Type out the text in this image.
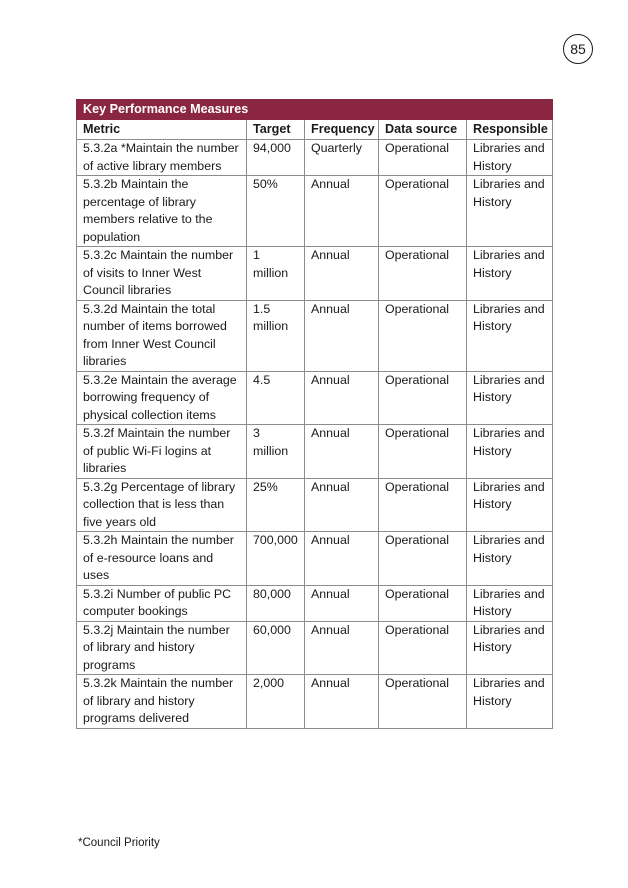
85
Key Performance Measures				
Metric	Target	Frequency	Data source	Responsible
5.3.2a *Maintain the number of active library members	94,000	Quarterly	Operational	Libraries and History
5.3.2b Maintain the percentage of library members relative to the population	50%	Annual	Operational	Libraries and History
5.3.2c Maintain the number of visits to Inner West Council libraries	1 million	Annual	Operational	Libraries and History
5.3.2d Maintain the total number of items borrowed from Inner West Council libraries	1.5 million	Annual	Operational	Libraries and History
5.3.2e Maintain the average borrowing frequency of physical collection items	4.5	Annual	Operational	Libraries and History
5.3.2f Maintain the number of public Wi-Fi logins at libraries	3 million	Annual	Operational	Libraries and History
5.3.2g Percentage of library collection that is less than five years old	25%	Annual	Operational	Libraries and History
5.3.2h Maintain the number of e-resource loans and uses	700,000	Annual	Operational	Libraries and History
5.3.2i Number of public PC computer bookings	80,000	Annual	Operational	Libraries and History
5.3.2j Maintain the number of library and history programs	60,000	Annual	Operational	Libraries and History
5.3.2k Maintain the number of library and history programs delivered	2,000	Annual	Operational	Libraries and History
*Council Priority
